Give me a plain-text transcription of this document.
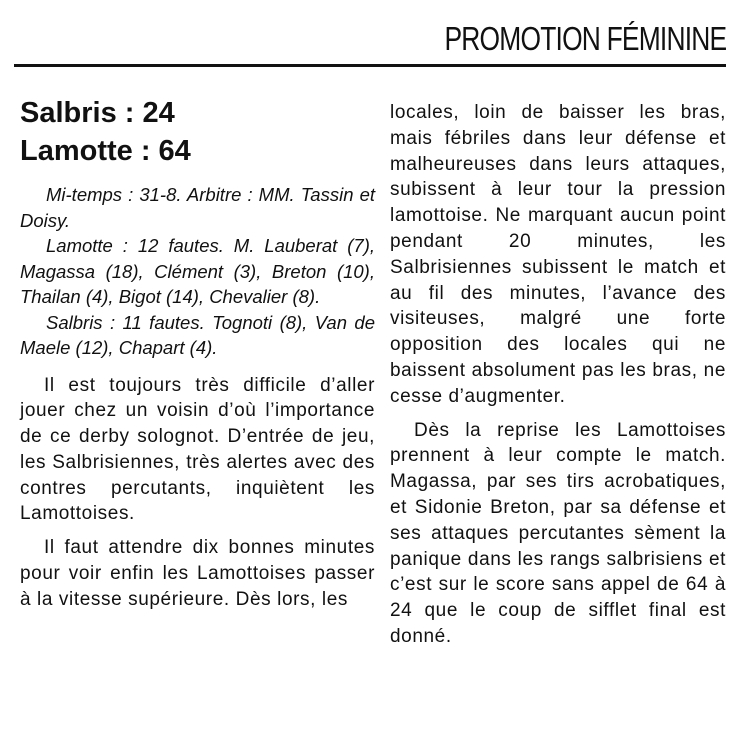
PROMOTION FÉMININE
Salbris : 24
Lamotte : 64

Mi-temps : 31-8. Arbitre : MM. Tassin et Doisy.

Lamotte : 12 fautes. M. Lauberat (7), Magassa (18), Clément (3), Breton (10), Thailan (4), Bigot (14), Chevalier (8).

Salbris : 11 fautes. Tognoti (8), Van de Maele (12), Chapart (4).

Il est toujours très difficile d’aller jouer chez un voisin d’où l’importance de ce derby solognot. D’entrée de jeu, les Salbrisiennes, très alertes avec des contres percutants, inquiètent les Lamottoises.

Il faut attendre dix bonnes minutes pour voir enfin les Lamottoises passer à la vitesse supérieure. Dès lors, les

locales, loin de baisser les bras, mais fébriles dans leur défense et malheureuses dans leurs attaques, subissent à leur tour la pression lamottoise. Ne marquant aucun point pendant 20 minutes, les Salbrisiennes subissent le match et au fil des minutes, l’avance des visiteuses, malgré une forte opposition des locales qui ne baissent absolument pas les bras, ne cesse d’augmenter.

Dès la reprise les Lamottoises prennent à leur compte le match. Magassa, par ses tirs acrobatiques, et Sidonie Breton, par sa défense et ses attaques percutantes sèment la panique dans les rangs salbrisiens et c’est sur le score sans appel de 64 à 24 que le coup de sifflet final est donné.
